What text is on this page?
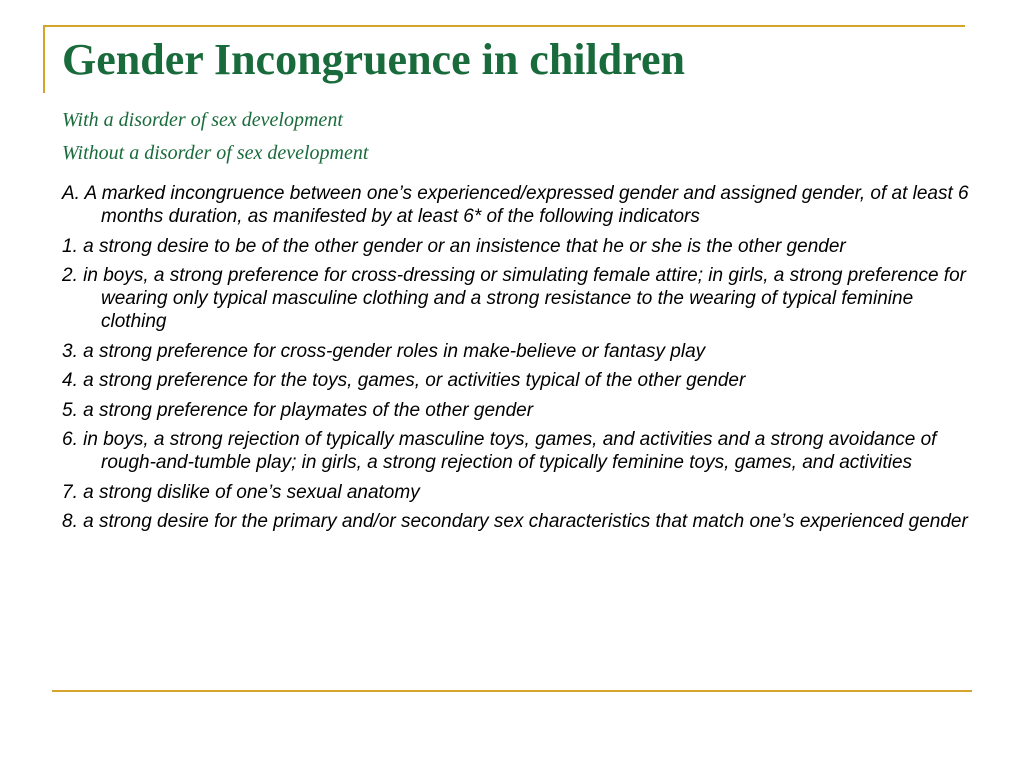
Gender Incongruence in children
With a disorder of sex development
Without a disorder of sex development
A. A marked incongruence between one’s experienced/expressed gender and assigned gender, of at least 6 months duration, as manifested by at least 6* of the following indicators
1. a strong desire to be of the other gender or an insistence that he or she is the other gender
2. in boys, a strong preference for cross-dressing or simulating female attire; in girls, a strong preference for wearing only typical masculine clothing and a strong resistance to the wearing of typical feminine clothing
3. a strong preference for cross-gender roles in make-believe or fantasy play
4. a strong preference for the toys, games, or activities typical of the other gender
5. a strong preference for playmates of the other gender
6. in boys, a strong rejection of typically masculine toys, games, and activities and a strong avoidance of rough-and-tumble play; in girls, a strong rejection of typically feminine toys, games, and activities
7. a strong dislike of one’s sexual anatomy
8. a strong desire for the primary and/or secondary sex characteristics that match one’s experienced gender
